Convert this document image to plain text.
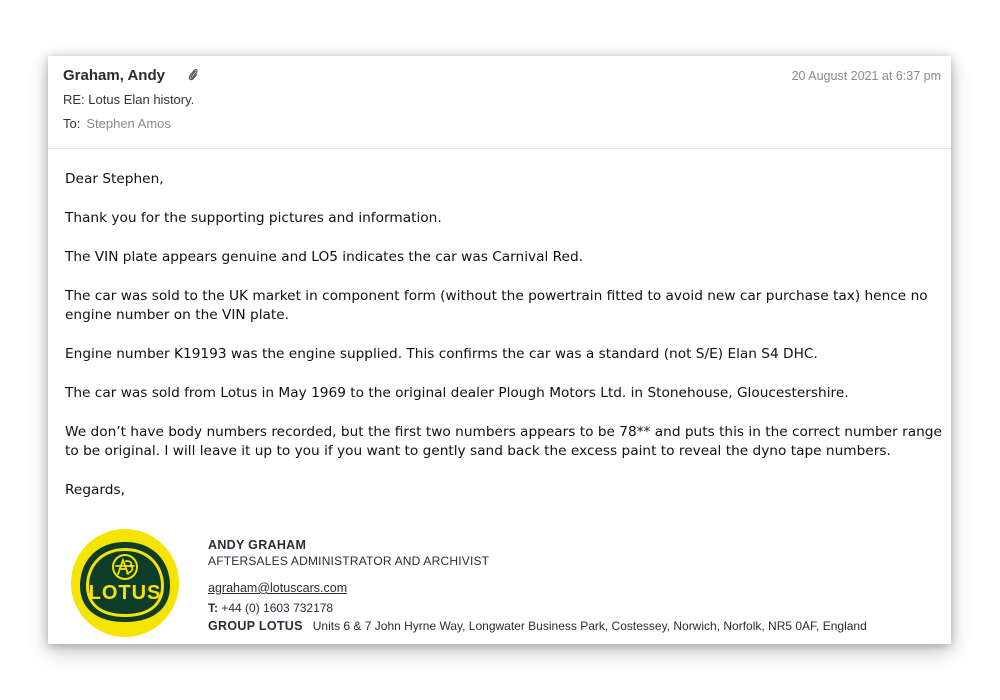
Graham, Andy	20 August 2021 at 6:37 pm
RE: Lotus Elan history.
To: Stephen Amos

Dear Stephen,

Thank you for the supporting pictures and information.

The VIN plate appears genuine and LO5 indicates the car was Carnival Red.

The car was sold to the UK market in component form (without the powertrain fitted to avoid new car purchase tax) hence no engine number on the VIN plate.

Engine number K19193 was the engine supplied. This confirms the car was a standard (not S/E) Elan S4 DHC.

The car was sold from Lotus in May 1969 to the original dealer Plough Motors Ltd. in Stonehouse, Gloucestershire.

We don’t have body numbers recorded, but the first two numbers appears to be 78** and puts this in the correct number range to be original. I will leave it up to you if you want to gently sand back the excess paint to reveal the dyno tape numbers.

Regards,

LOTUS
ANDY GRAHAM
AFTERSALES ADMINISTRATOR AND ARCHIVIST
agraham@lotuscars.com
T: +44 (0) 1603 732178
GROUP LOTUS Units 6 & 7 John Hyrne Way, Longwater Business Park, Costessey, Norwich, Norfolk, NR5 0AF, England
